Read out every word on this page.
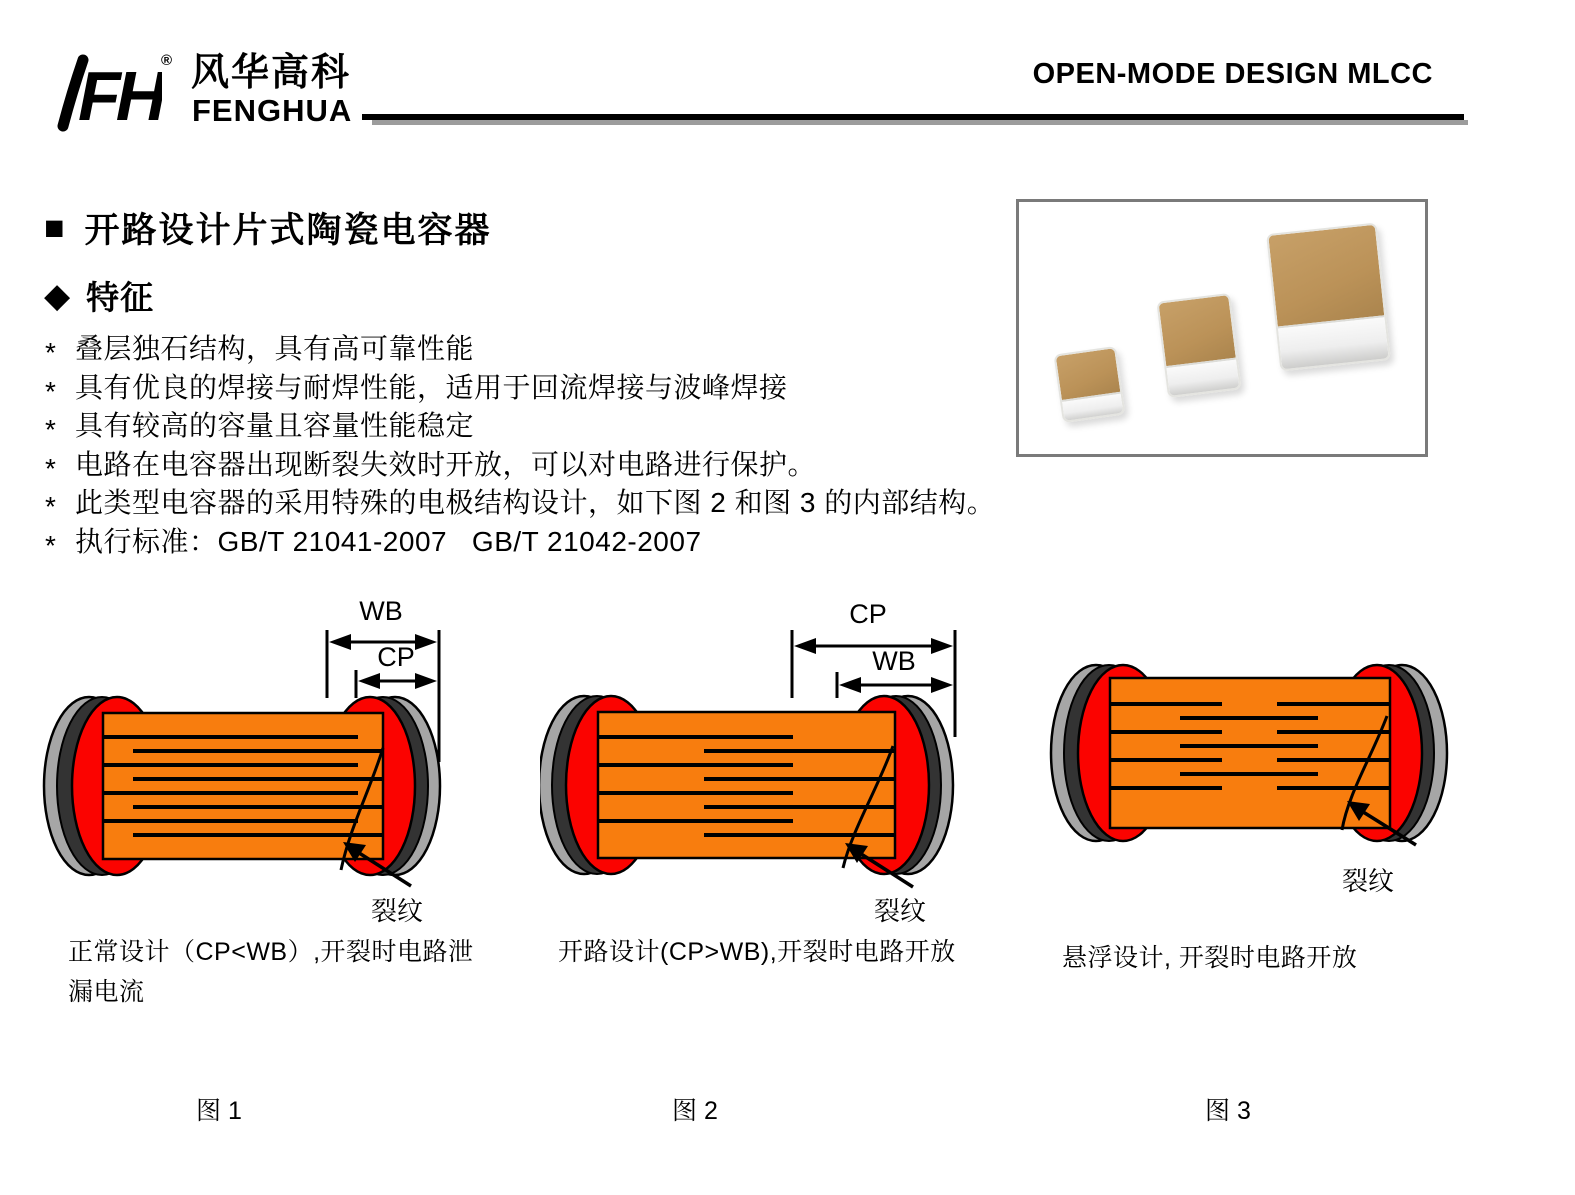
FH ® 风华高科
FENGHUA
OPEN-MODE DESIGN MLCC
■ 开路设计片式陶瓷电容器
◆ 特征
* 叠层独石结构，具有高可靠性能
* 具有优良的焊接与耐焊性能，适用于回流焊接与波峰焊接
* 具有较高的容量且容量性能稳定
* 电路在电容器出现断裂失效时开放，可以对电路进行保护。
* 此类型电容器的采用特殊的电极结构设计，如下图 2 和图 3 的内部结构。
* 执行标准：GB/T 21041-2007   GB/T 21042-2007
WB
CP
裂纹
CP
WB
裂纹
裂纹
正常设计（CP<WB）,开裂时电路泄漏电流
开路设计(CP>WB),开裂时电路开放	悬浮设计, 开裂时电路开放
图 1	图 2	图 3
